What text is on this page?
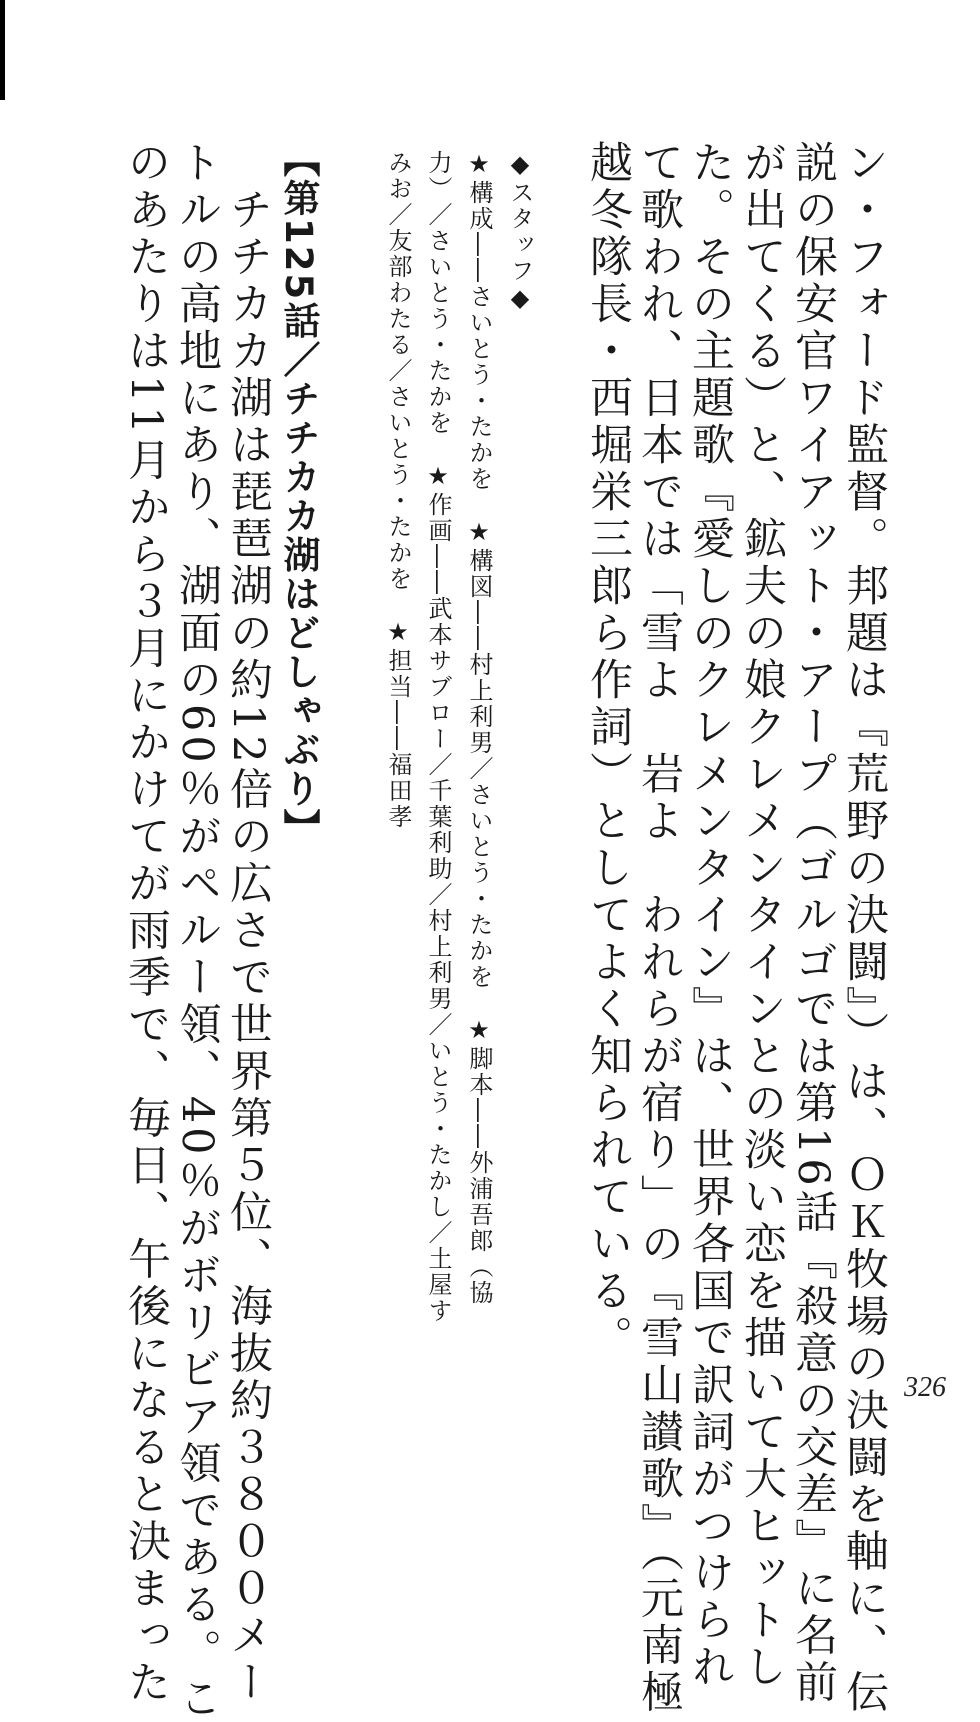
ン・フォード監督。邦題は『荒野の決闘』）は、ＯＫ牧場の決闘を軸に、伝
説の保安官ワイアット・アープ（ゴルゴでは第16話『殺意の交差』に名前
が出てくる）と、鉱夫の娘クレメンタインとの淡い恋を描いて大ヒットし
た。その主題歌『愛しのクレメンタイン』は、世界各国で訳詞がつけられ
て歌われ、日本では「雪よ　岩よ　われらが宿り」の『雪山讃歌』（元南極
越冬隊長・西堀栄三郎ら作詞）としてよく知られている。
◆スタッフ◆
★構成――さいとう・たかを　★構図――村上利男／さいとう・たかを　★脚本――外浦吾郎（協
力）／さいとう・たかを　★作画――武本サブロー／千葉利助／村上利男／いとう・たかし／土屋す
みお／友部わたる／さいとう・たかを　★担当――福田孝
【第125話／チチカカ湖はどしゃぶり】
　チチカカ湖は琵琶湖の約12倍の広さで世界第５位、海抜約３８００メー
トルの高地にあり、湖面の60％がペルー領、40％がボリビア領である。こ
のあたりは11月から３月にかけてが雨季で、毎日、午後になると決まった	326
